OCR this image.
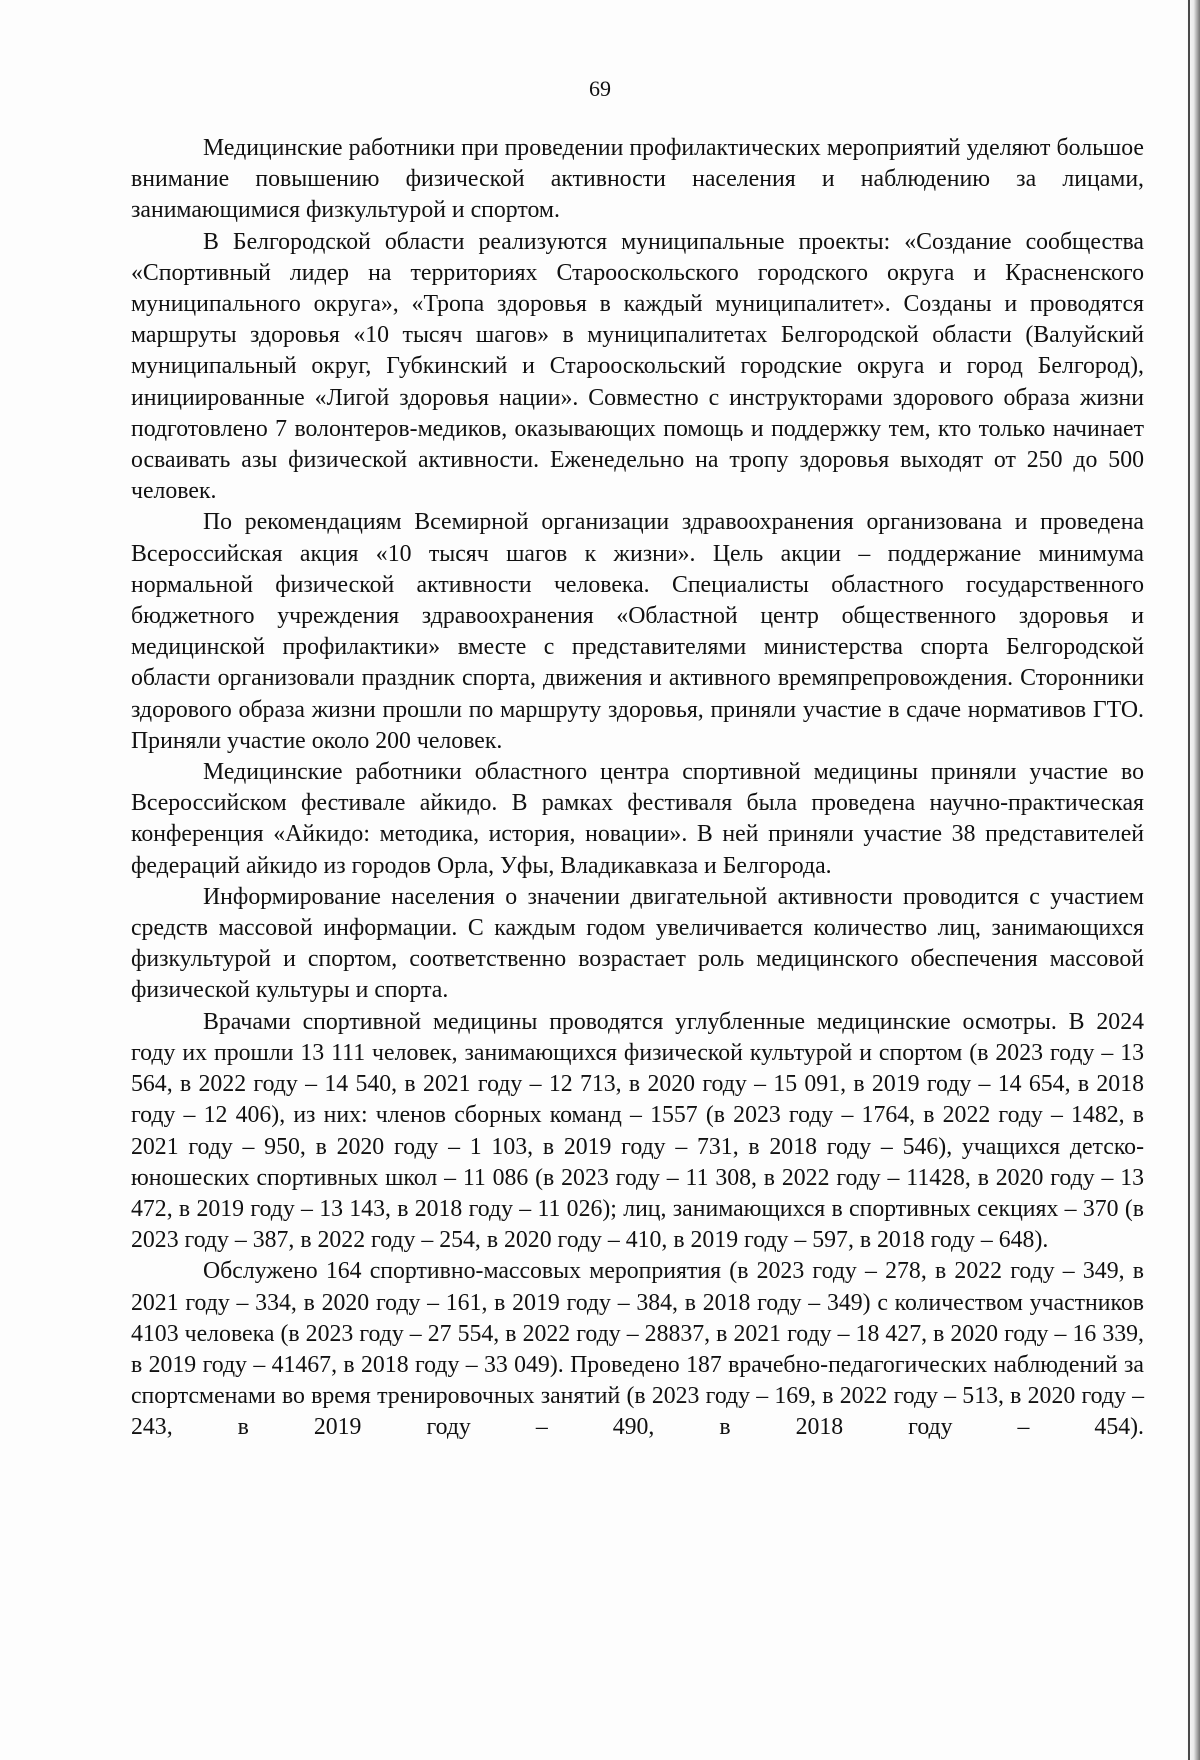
69

Медицинские работники при проведении профилактических мероприятий уделяют большое внимание повышению физической активности населения и наблюдению за лицами, занимающимися физкультурой и спортом.

В Белгородской области реализуются муниципальные проекты: «Создание сообщества «Спортивный лидер на территориях Старооскольского городского округа и Красненского муниципального округа», «Тропа здоровья в каждый муниципалитет». Созданы и проводятся маршруты здоровья «10 тысяч шагов» в муниципалитетах Белгородской области (Валуйский муниципальный округ, Губкинский и Старооскольский городские округа и город Белгород), инициированные «Лигой здоровья нации». Совместно с инструкторами здорового образа жизни подготовлено 7 волонтеров-медиков, оказывающих помощь и поддержку тем, кто только начинает осваивать азы физической активности. Еженедельно на тропу здоровья выходят от 250 до 500 человек.

По рекомендациям Всемирной организации здравоохранения организована и проведена Всероссийская акция «10 тысяч шагов к жизни». Цель акции – поддержание минимума нормальной физической активности человека. Специалисты областного государственного бюджетного учреждения здравоохранения «Областной центр общественного здоровья и медицинской профилактики» вместе с представителями министерства спорта Белгородской области организовали праздник спорта, движения и активного времяпрепровождения. Сторонники здорового образа жизни прошли по маршруту здоровья, приняли участие в сдаче нормативов ГТО. Приняли участие около 200 человек.

Медицинские работники областного центра спортивной медицины приняли участие во Всероссийском фестивале айкидо. В рамках фестиваля была проведена научно-практическая конференция «Айкидо: методика, история, новации». В ней приняли участие 38 представителей федераций айкидо из городов Орла, Уфы, Владикавказа и Белгорода.

Информирование населения о значении двигательной активности проводится с участием средств массовой информации. С каждым годом увеличивается количество лиц, занимающихся физкультурой и спортом, соответственно возрастает роль медицинского обеспечения массовой физической культуры и спорта.

Врачами спортивной медицины проводятся углубленные медицинские осмотры. В 2024 году их прошли 13 111 человек, занимающихся физической культурой и спортом (в 2023 году – 13 564, в 2022 году – 14 540, в 2021 году – 12 713, в 2020 году – 15 091, в 2019 году – 14 654, в 2018 году – 12 406), из них: членов сборных команд – 1557 (в 2023 году – 1764, в 2022 году – 1482, в 2021 году – 950, в 2020 году – 1 103, в 2019 году – 731, в 2018 году – 546), учащихся детско-юношеских спортивных школ – 11 086 (в 2023 году – 11 308, в 2022 году – 11428, в 2020 году – 13 472, в 2019 году – 13 143, в 2018 году – 11 026); лиц, занимающихся в спортивных секциях – 370 (в 2023 году – 387, в 2022 году – 254, в 2020 году – 410, в 2019 году – 597, в 2018 году – 648).

Обслужено 164 спортивно-массовых мероприятия (в 2023 году – 278, в 2022 году – 349, в 2021 году – 334, в 2020 году – 161, в 2019 году – 384, в 2018 году – 349) с количеством участников 4103 человека (в 2023 году – 27 554, в 2022 году – 28837, в 2021 году – 18 427, в 2020 году – 16 339, в 2019 году – 41467, в 2018 году – 33 049). Проведено 187 врачебно-педагогических наблюдений за спортсменами во время тренировочных занятий (в 2023 году – 169, в 2022 году – 513, в 2020 году – 243, в 2019 году – 490, в 2018 году – 454).
